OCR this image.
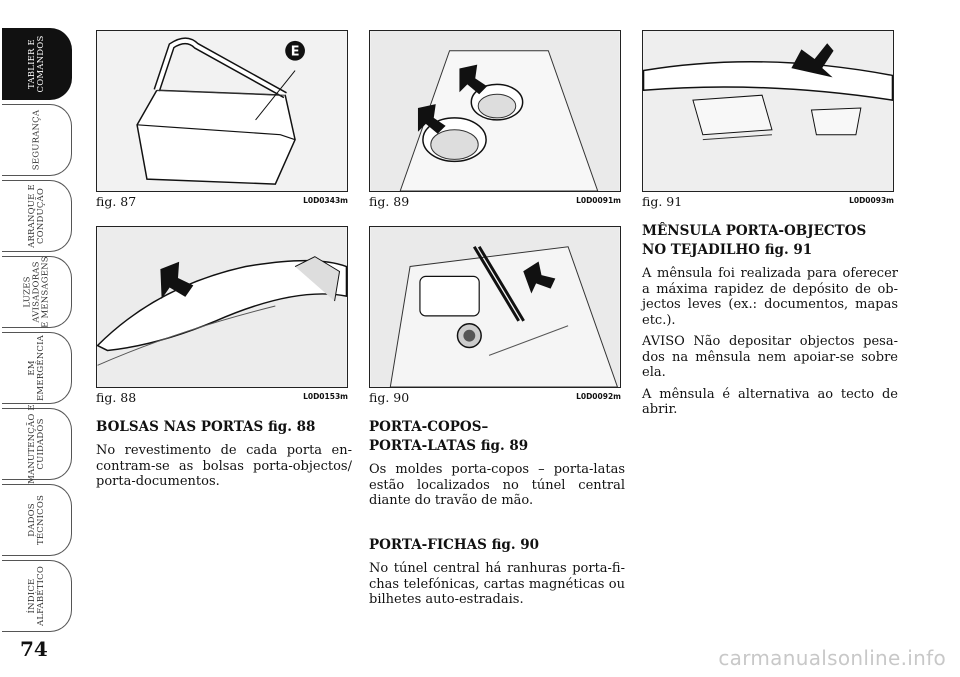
TABLIER E
COMANDOS
SEGURANÇA
ARRANQUE E
CONDUÇÃO
LUZES
AVISADORAS
E MENSAGENS
EM
EMERGÊNCIA
MANUTENÇÃO E
CUIDADOS
DADOS
TÉCNICOS
ÍNDICE
ALFABÉTICO
74
E
fig. 87	L0D0343m
fig. 88	L0D0153m
fig. 89	L0D0091m
fig. 90	L0D0092m
fig. 91	L0D0093m

BOLSAS NAS PORTAS fig. 88

No revestimento de cada porta en-contram-se as bolsas porta-objectos/ porta-documentos.

PORTA-COPOS–

PORTA-LATAS fig. 89

Os moldes porta-copos – porta-latas estão localizados no túnel central diante do travão de mão.

PORTA-FICHAS fig. 90

No túnel central há ranhuras porta-fi-chas telefónicas, cartas magnéticas ou bilhetes auto-estradais.

MÊNSULA PORTA-OBJECTOS

NO TEJADILHO fig. 91

A mênsula foi realizada para oferecer a máxima rapidez de depósito de ob-jectos leves (ex.: documentos, mapas etc.).

AVISO Não depositar objectos pesa-dos na mênsula nem apoiar-se sobre ela.

A mênsula é alternativa ao tecto de abrir.

carmanualsonline.info
